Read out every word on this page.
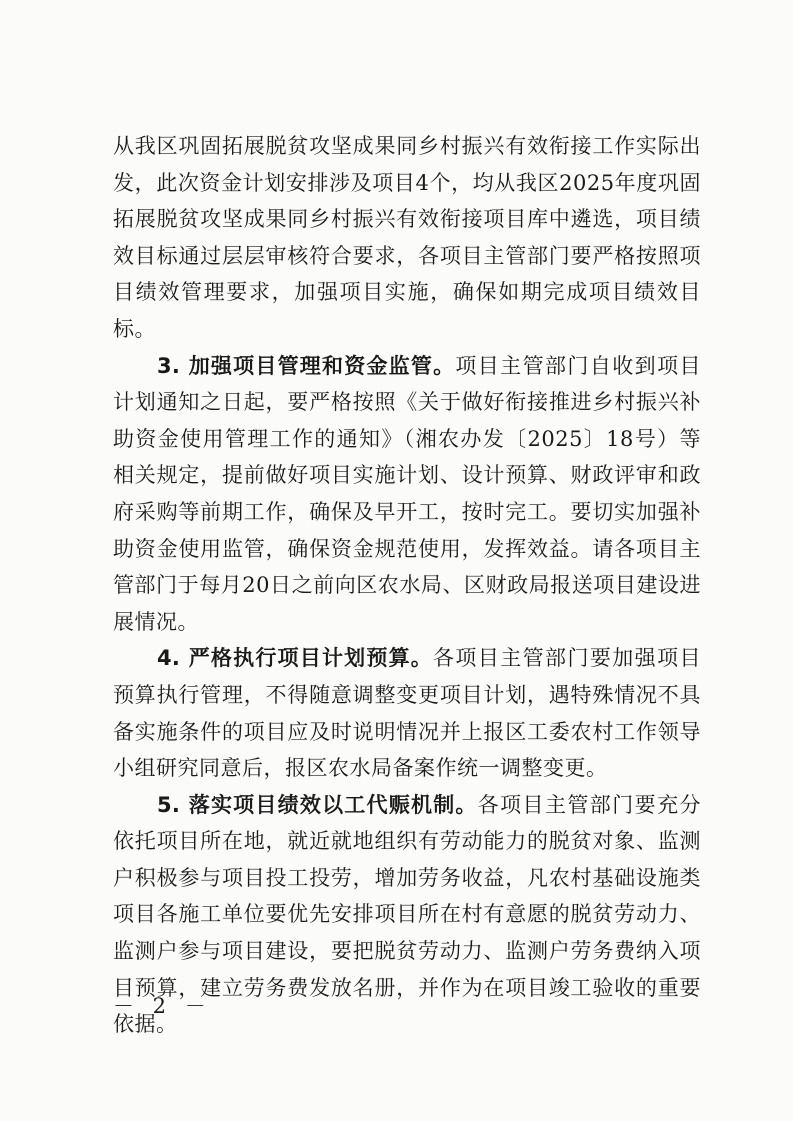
从我区巩固拓展脱贫攻坚成果同乡村振兴有效衔接工作实际出发，此次资金计划安排涉及项目4个，均从我区2025年度巩固拓展脱贫攻坚成果同乡村振兴有效衔接项目库中遴选，项目绩效目标通过层层审核符合要求，各项目主管部门要严格按照项目绩效管理要求，加强项目实施，确保如期完成项目绩效目标。

3. 加强项目管理和资金监管。项目主管部门自收到项目计划通知之日起，要严格按照《关于做好衔接推进乡村振兴补助资金使用管理工作的通知》（湘农办发〔2025〕18号）等相关规定，提前做好项目实施计划、设计预算、财政评审和政府采购等前期工作，确保及早开工，按时完工。要切实加强补助资金使用监管，确保资金规范使用，发挥效益。请各项目主管部门于每月20日之前向区农水局、区财政局报送项目建设进展情况。

4. 严格执行项目计划预算。各项目主管部门要加强项目预算执行管理，不得随意调整变更项目计划，遇特殊情况不具备实施条件的项目应及时说明情况并上报区工委农村工作领导小组研究同意后，报区农水局备案作统一调整变更。

5. 落实项目绩效以工代赈机制。各项目主管部门要充分依托项目所在地，就近就地组织有劳动能力的脱贫对象、监测户积极参与项目投工投劳，增加劳务收益，凡农村基础设施类项目各施工单位要优先安排项目所在村有意愿的脱贫劳动力、监测户参与项目建设，要把脱贫劳动力、监测户劳务费纳入项目预算，建立劳务费发放名册，并作为在项目竣工验收的重要依据。

－ 2 －
